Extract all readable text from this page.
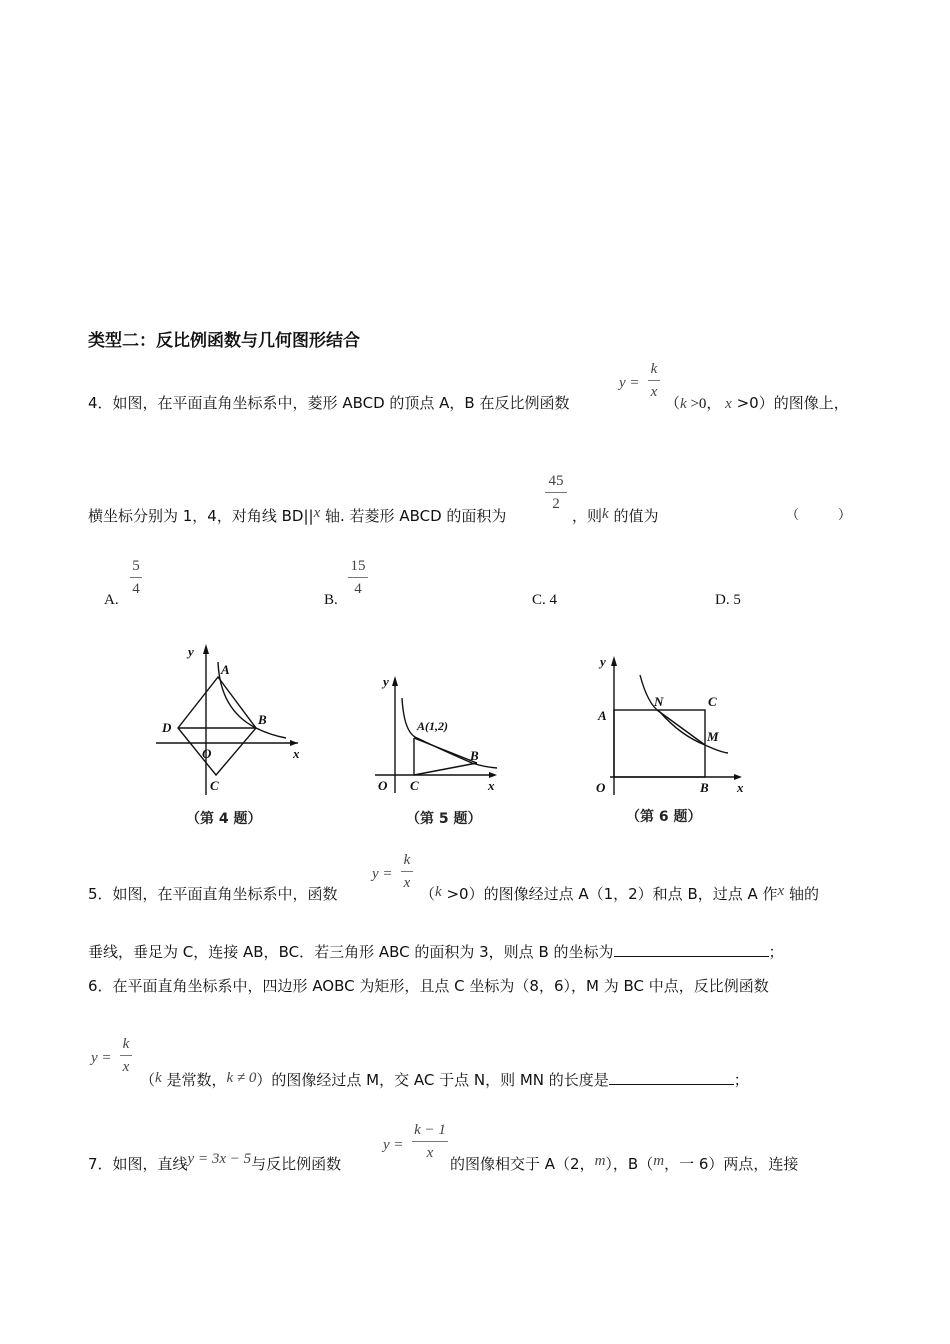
类型二：反比例函数与几何图形结合
4．如图，在平面直角坐标系中，菱形 ABCD 的顶点 A，B 在反比例函数
y =
k
x
（k >0， x >0）的图像上，
横坐标分别为 1，4，对角线 BD||x 轴. 若菱形 ABCD 的面积为
45
2
，则k 的值为	（　　　）
A.
5
4
B.
15
4
C. 4	D. 5
y
x
A
B
C
D
O
（第 4 题）
y
x
A(1,2)
B
C
O
（第 5 题）
y
x
A
B
C
N
M
O
（第 6 题）
5．如图，在平面直角坐标系中，函数
y =
k
x
（k >0）的图像经过点 A（1，2）和点 B，过点 A 作x 轴的
垂线，垂足为 C，连接 AB，BC．若三角形 ABC 的面积为 3，则点 B 的坐标为	；
6．在平面直角坐标系中，四边形 AOBC 为矩形，且点 C 坐标为（8，6），M 为 BC 中点，反比例函数
y =
k
x
（k 是常数，k ≠ 0）的图像经过点 M，交 AC 于点 N，则 MN 的长度是	；
7．如图，直线y = 3x − 5与反比例函数
y =
k − 1
x
的图像相交于 A（2，m），B（m，一 6）两点，连接
